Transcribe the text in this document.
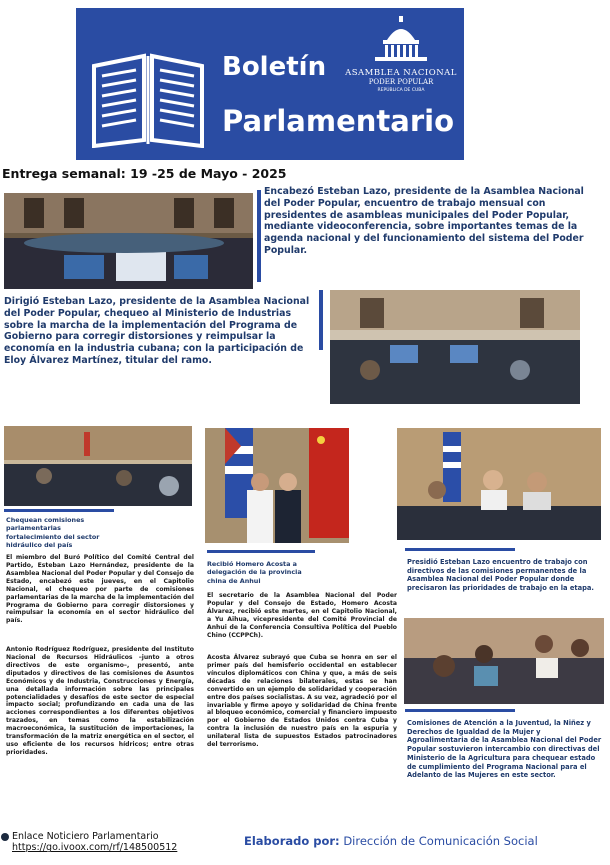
Boletín
Parlamentario
ASAMBLEA NACIONAL
PODER POPULAR
REPÚBLICA DE CUBA
Entrega semanal: 19 -25 de Mayo - 2025
Encabezó Esteban Lazo, presidente de la Asamblea Nacional del Poder Popular, encuentro de trabajo mensual con presidentes de asambleas municipales del Poder Popular, mediante videoconferencia, sobre importantes temas de la agenda nacional y del funcionamiento del sistema del Poder Popular.
Dirigió Esteban Lazo, presidente de la Asamblea Nacional del Poder Popular, chequeo al Ministerio de Industrias sobre la marcha de la implementación del Programa de Gobierno para corregir distorsiones y reimpulsar la economía en la industria cubana; con la participación de Eloy Álvarez Martínez, titular del ramo.
Chequean comisiones parlamentarias fortalecimiento del sector hidráulico del país
El miembro del Buró Político del Comité Central del Partido, Esteban Lazo Hernández, presidente de la Asamblea Nacional del Poder Popular y del Consejo de Estado, encabezó este jueves, en el Capitolio Nacional, el chequeo por parte de comisiones parlamentarias de la marcha de la implementación del Programa de Gobierno para corregir distorsiones y reimpulsar la economía en el sector hidráulico del país.
Antonio Rodríguez Rodríguez, presidente del Instituto Nacional de Recursos Hidráulicos –junto a otros directivos de este organismo–, presentó, ante diputados y directivos de las comisiones de Asuntos Económicos y de Industria, Construcciones y Energía, una detallada información sobre las principales potencialidades y desafíos de este sector de especial impacto social; profundizando en cada una de las acciones correspondientes a los diferentes objetivos trazados, en temas como la estabilización macroeconómica, la sustitución de importaciones, la transformación de la matriz energética en el sector, el uso eficiente de los recursos hídricos; entre otras prioridades.
Recibió Homero Acosta a delegación de la provincia china de Anhui
El secretario de la Asamblea Nacional del Poder Popular y del Consejo de Estado, Homero Acosta Álvarez, recibió este martes, en el Capitolio Nacional, a Yu Aihua, vicepresidente del Comité Provincial de Anhui de la Conferencia Consultiva Política del Pueblo Chino (CCPPCh).
Acosta Álvarez subrayó que Cuba se honra en ser el primer país del hemisferio occidental en establecer vínculos diplomáticos con China y que, a más de seis décadas de relaciones bilaterales, estas se han convertido en un ejemplo de solidaridad y cooperación entre dos países socialistas. A su vez, agradeció por el invariable y firme apoyo y solidaridad de China frente al bloqueo económico, comercial y financiero impuesto por el Gobierno de Estados Unidos contra Cuba y contra la inclusión de nuestro país en la espuria y unilateral lista de supuestos Estados patrocinadores del terrorismo.
Presidió Esteban Lazo encuentro de trabajo con directivos de las comisiones permanentes de la Asamblea Nacional del Poder Popular donde precisaron las prioridades de trabajo en la etapa.
Comisiones de Atención a la Juventud, la Niñez y Derechos de Igualdad de la Mujer y Agroalimentaria de la Asamblea Nacional del Poder Popular sostuvieron intercambio con directivas del Ministerio de la Agricultura para chequear estado de cumplimiento del Programa Nacional para el Adelanto de las Mujeres en este sector.
Enlace Noticiero Parlamentario
https://go.ivoox.com/rf/148500512	Elaborado por: Dirección de Comunicación Social
